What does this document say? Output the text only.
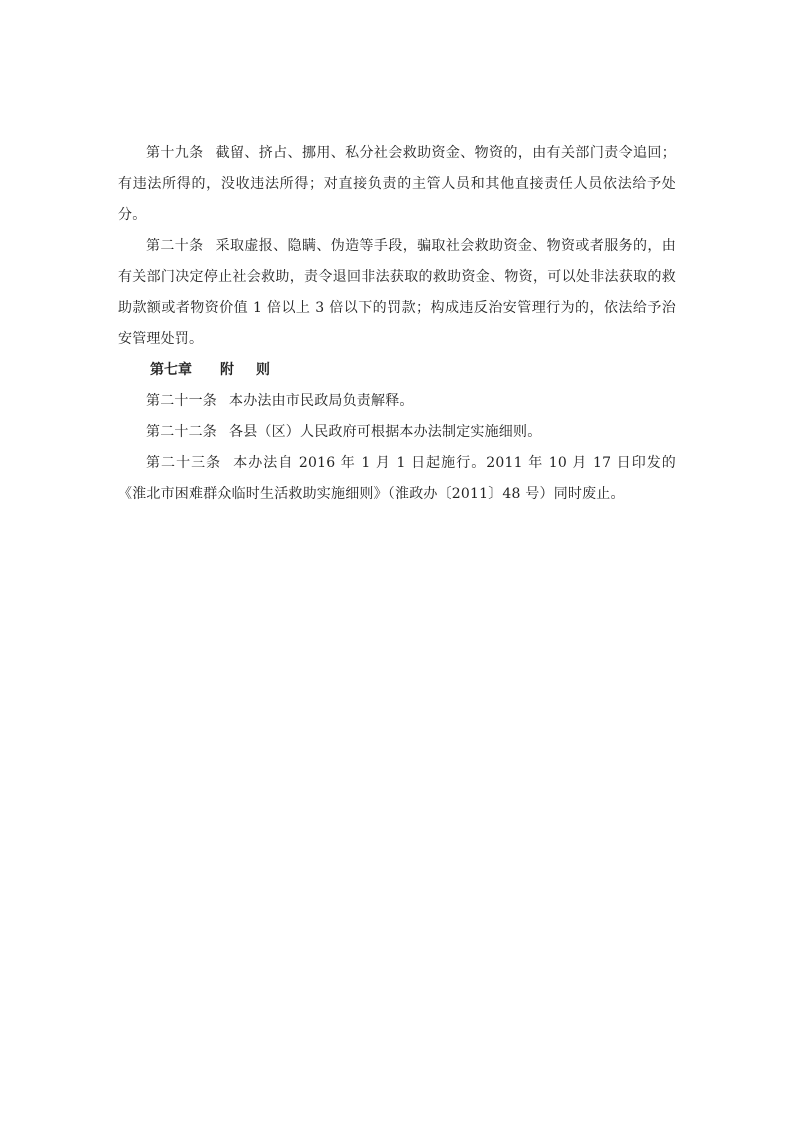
第十九条 截留、挤占、挪用、私分社会救助资金、物资的，由有关部门责令追回；有违法所得的，没收违法所得；对直接负责的主管人员和其他直接责任人员依法给予处分。

第二十条 采取虚报、隐瞒、伪造等手段，骗取社会救助资金、物资或者服务的，由有关部门决定停止社会救助，责令退回非法获取的救助资金、物资，可以处非法获取的救助款额或者物资价值 1 倍以上 3 倍以下的罚款；构成违反治安管理行为的，依法给予治安管理处罚。

第七章 附 则

第二十一条 本办法由市民政局负责解释。

第二十二条 各县（区）人民政府可根据本办法制定实施细则。

第二十三条 本办法自 2016 年 1 月 1 日起施行。2011 年 10 月 17 日印发的《淮北市困难群众临时生活救助实施细则》（淮政办〔2011〕48 号）同时废止。
